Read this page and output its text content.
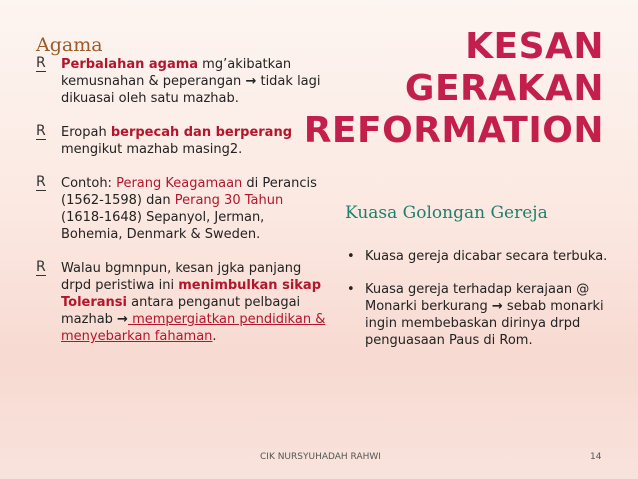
KESAN
GERAKAN
REFORMATION
Agama
R Perbalahan agama mg’akibatkan kemusnahan & peperangan → tidak lagi dikuasai oleh satu mazhab.
R Eropah berpecah dan berperang mengikut mazhab masing2.
R Contoh: Perang Keagamaan di Perancis (1562-1598) dan Perang 30 Tahun (1618-1648) Sepanyol, Jerman, Bohemia, Denmark & Sweden.
R Walau bgmnpun, kesan jgka panjang drpd peristiwa ini menimbulkan sikap Toleransi antara penganut pelbagai mazhab → mempergiatkan pendidikan & menyebarkan fahaman.
Kuasa Golongan Gereja
• Kuasa gereja dicabar secara terbuka.
• Kuasa gereja terhadap kerajaan @ Monarki berkurang → sebab monarki ingin membebaskan dirinya drpd penguasaan Paus di Rom.
CIK NURSYUHADAH RAHWI	14
